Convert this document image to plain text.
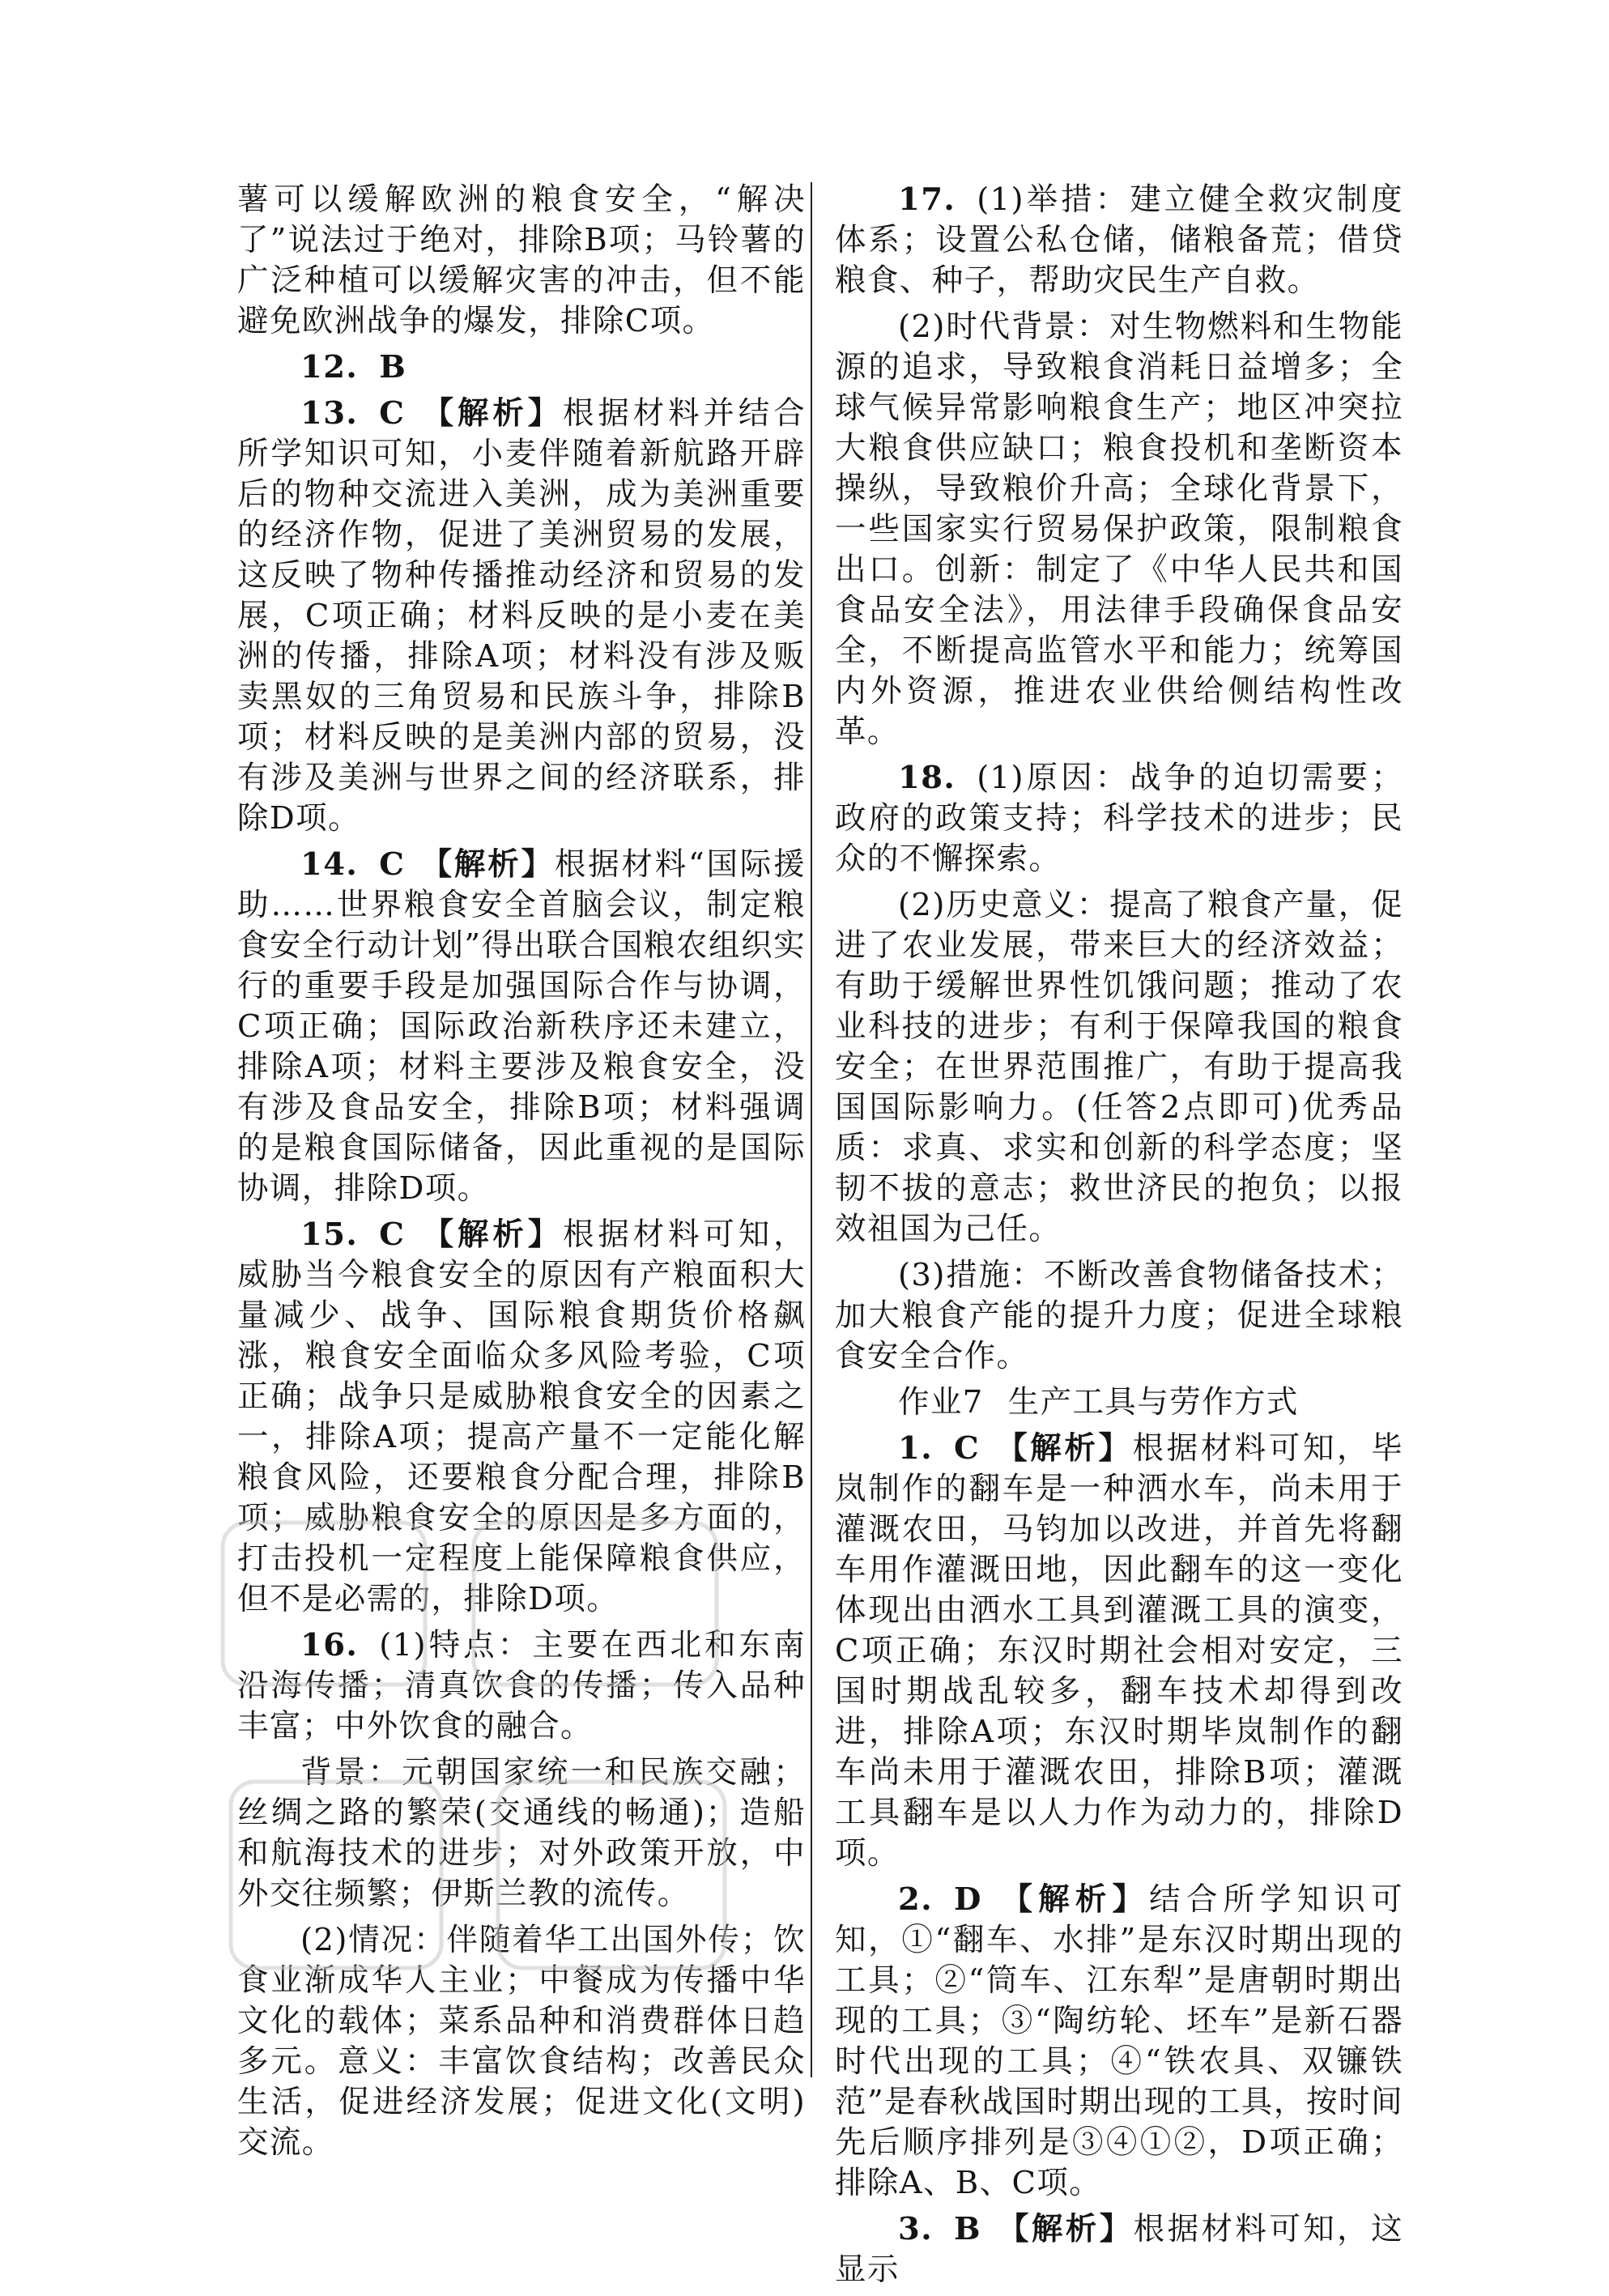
薯可以缓解欧洲的粮食安全，“解决了”说法过于绝对，排除B项；马铃薯的广泛种植可以缓解灾害的冲击，但不能避免欧洲战争的爆发，排除C项。

12. B

13. C 【解析】根据材料并结合所学知识可知，小麦伴随着新航路开辟后的物种交流进入美洲，成为美洲重要的经济作物，促进了美洲贸易的发展，这反映了物种传播推动经济和贸易的发展，C项正确；材料反映的是小麦在美洲的传播，排除A项；材料没有涉及贩卖黑奴的三角贸易和民族斗争，排除B项；材料反映的是美洲内部的贸易，没有涉及美洲与世界之间的经济联系，排除D项。

14. C 【解析】根据材料“国际援助……世界粮食安全首脑会议，制定粮食安全行动计划”得出联合国粮农组织实行的重要手段是加强国际合作与协调，C项正确；国际政治新秩序还未建立，排除A项；材料主要涉及粮食安全，没有涉及食品安全，排除B项；材料强调的是粮食国际储备，因此重视的是国际协调，排除D项。

15. C 【解析】根据材料可知，威胁当今粮食安全的原因有产粮面积大量减少、战争、国际粮食期货价格飙涨，粮食安全面临众多风险考验，C项正确；战争只是威胁粮食安全的因素之一，排除A项；提高产量不一定能化解粮食风险，还要粮食分配合理，排除B项；威胁粮食安全的原因是多方面的，打击投机一定程度上能保障粮食供应，但不是必需的，排除D项。

16. (1)特点：主要在西北和东南沿海传播；清真饮食的传播；传入品种丰富；中外饮食的融合。

背景：元朝国家统一和民族交融；丝绸之路的繁荣(交通线的畅通)；造船和航海技术的进步；对外政策开放，中外交往频繁；伊斯兰教的流传。

(2)情况：伴随着华工出国外传；饮食业渐成华人主业；中餐成为传播中华文化的载体；菜系品种和消费群体日趋多元。意义：丰富饮食结构；改善民众生活，促进经济发展；促进文化(文明)交流。

17. (1)举措：建立健全救灾制度体系；设置公私仓储，储粮备荒；借贷粮食、种子，帮助灾民生产自救。

(2)时代背景：对生物燃料和生物能源的追求，导致粮食消耗日益增多；全球气候异常影响粮食生产；地区冲突拉大粮食供应缺口；粮食投机和垄断资本操纵，导致粮价升高；全球化背景下，一些国家实行贸易保护政策，限制粮食出口。创新：制定了《中华人民共和国食品安全法》，用法律手段确保食品安全，不断提高监管水平和能力；统筹国内外资源，推进农业供给侧结构性改革。

18. (1)原因：战争的迫切需要；政府的政策支持；科学技术的进步；民众的不懈探索。

(2)历史意义：提高了粮食产量，促进了农业发展，带来巨大的经济效益；有助于缓解世界性饥饿问题；推动了农业科技的进步；有利于保障我国的粮食安全；在世界范围推广，有助于提高我国国际影响力。(任答2点即可)优秀品质：求真、求实和创新的科学态度；坚韧不拔的意志；救世济民的抱负；以报效祖国为己任。

(3)措施：不断改善食物储备技术；加大粮食产能的提升力度；促进全球粮食安全合作。

作业7 生产工具与劳作方式

1. C 【解析】根据材料可知，毕岚制作的翻车是一种洒水车，尚未用于灌溉农田，马钧加以改进，并首先将翻车用作灌溉田地，因此翻车的这一变化体现出由洒水工具到灌溉工具的演变，C项正确；东汉时期社会相对安定，三国时期战乱较多，翻车技术却得到改进，排除A项；东汉时期毕岚制作的翻车尚未用于灌溉农田，排除B项；灌溉工具翻车是以人力作为动力的，排除D项。

2. D 【解析】结合所学知识可知，①“翻车、水排”是东汉时期出现的工具；②“筒车、江东犁”是唐朝时期出现的工具；③“陶纺轮、坯车”是新石器时代出现的工具；④“铁农具、双镰铁范”是春秋战国时期出现的工具，按时间先后顺序排列是③④①②，D项正确；排除A、B、C项。

3. B 【解析】根据材料可知，这显示
